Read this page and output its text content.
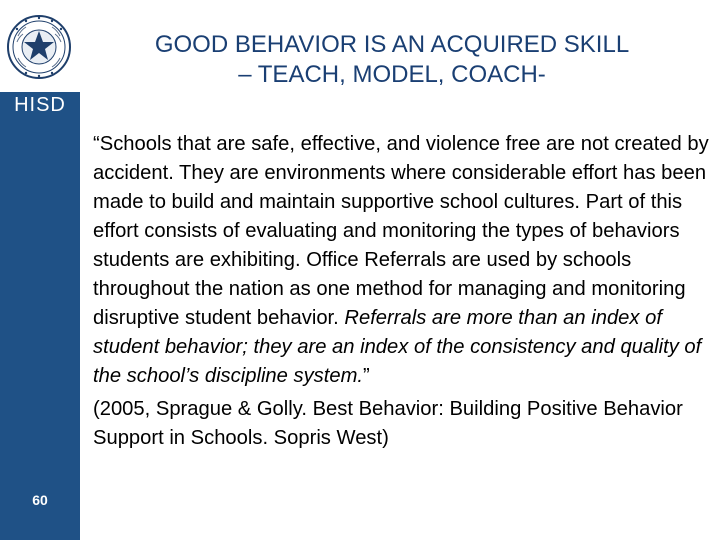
HISD
60
GOOD BEHAVIOR IS AN ACQUIRED SKILL
– TEACH, MODEL, COACH-
“Schools that are safe, effective, and violence free are not created by accident. They are environments where considerable effort has been made to build and maintain supportive school cultures. Part of this effort consists of evaluating and monitoring the types of behaviors students are exhibiting. Office Referrals are used by schools throughout the nation as one method for managing and monitoring disruptive student behavior. Referrals are more than an index of student behavior; they are an index of the consistency and quality of the school’s discipline system.”
(2005, Sprague & Golly. Best Behavior: Building Positive Behavior Support in Schools. Sopris West)
